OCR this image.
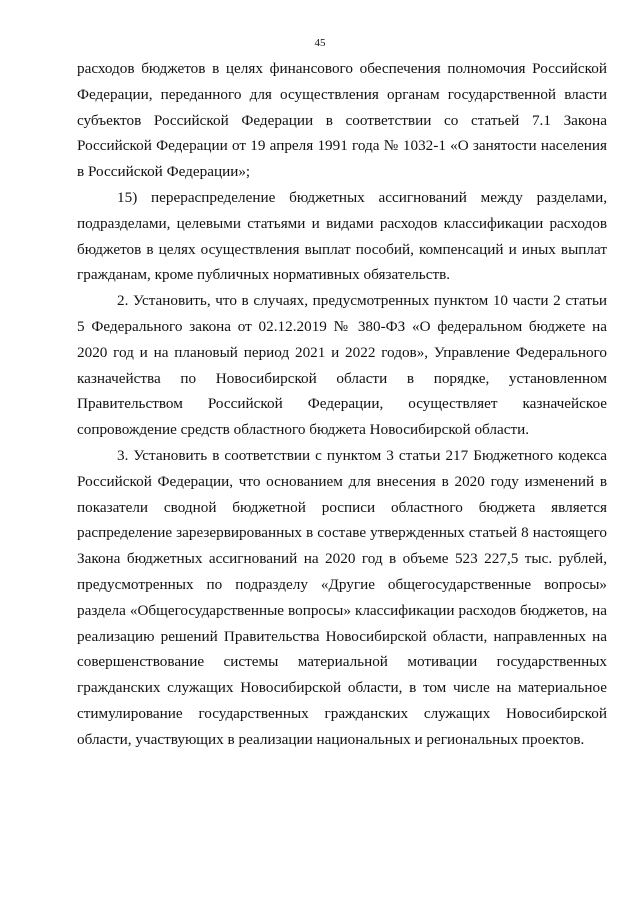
45

расходов бюджетов в целях финансового обеспечения полномочия Российской Федерации, переданного для осуществления органам государственной власти субъектов Российской Федерации в соответствии со статьей 7.1 Закона Российской Федерации от 19 апреля 1991 года № 1032-1 «О занятости населения в Российской Федерации»;

15) перераспределение бюджетных ассигнований между разделами, подразделами, целевыми статьями и видами расходов классификации расходов бюджетов в целях осуществления выплат пособий, компенсаций и иных выплат гражданам, кроме публичных нормативных обязательств.

2. Установить, что в случаях, предусмотренных пунктом 10 части 2 статьи 5 Федерального закона от 02.12.2019 № 380-ФЗ «О федеральном бюджете на 2020 год и на плановый период 2021 и 2022 годов», Управление Федерального казначейства по Новосибирской области в порядке, установленном Правительством Российской Федерации, осуществляет казначейское сопровождение средств областного бюджета Новосибирской области.

3. Установить в соответствии с пунктом 3 статьи 217 Бюджетного кодекса Российской Федерации, что основанием для внесения в 2020 году изменений в показатели сводной бюджетной росписи областного бюджета является распределение зарезервированных в составе утвержденных статьей 8 настоящего Закона бюджетных ассигнований на 2020 год в объеме 523 227,5 тыс. рублей, предусмотренных по подразделу «Другие общегосударственные вопросы» раздела «Общегосударственные вопросы» классификации расходов бюджетов, на реализацию решений Правительства Новосибирской области, направленных на совершенствование системы материальной мотивации государственных гражданских служащих Новосибирской области, в том числе на материальное стимулирование государственных гражданских служащих Новосибирской области, участвующих в реализации национальных и региональных проектов.
